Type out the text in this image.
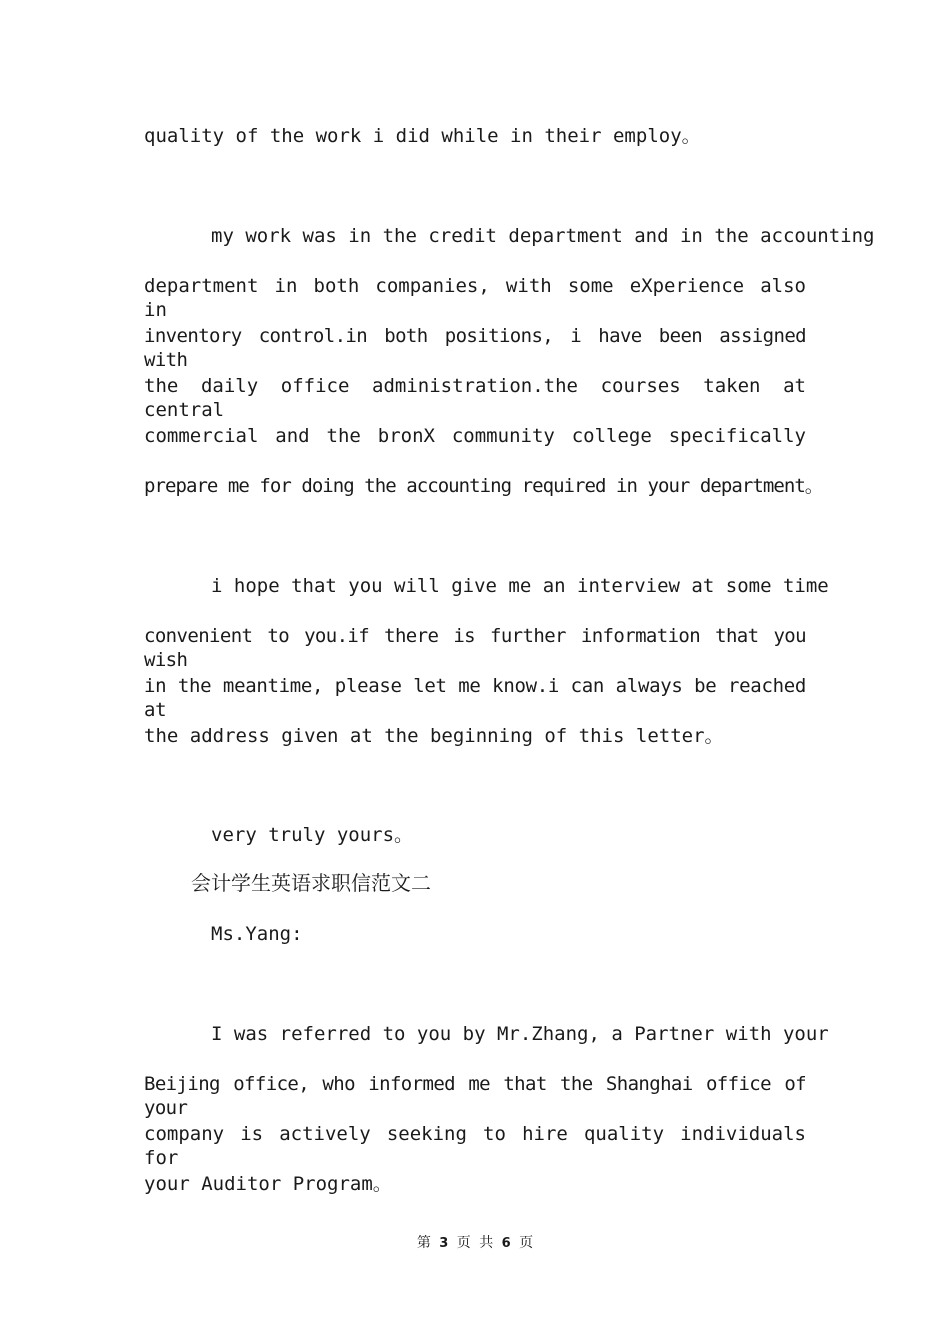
quality of the work i did while in their employ。
my work was in the credit department and in the accounting
department in both companies, with some eXperience also in
inventory control.in both positions, i have been assigned with
the daily office administration.the courses taken at central
commercial and the bronX community college specifically
prepare me for doing the accounting required in your department。
i hope that you will give me an interview at some time
convenient to you.if there is further information that you wish
in the meantime, please let me know.i can always be reached at
the address given at the beginning of this letter。
very truly yours。
会计学生英语求职信范文二
Ms.Yang:
I was referred to you by Mr.Zhang, a Partner with your
Beijing office, who informed me that the Shanghai office of your
company is actively seeking to hire quality individuals for
your Auditor Program。
第 3 页 共 6 页
